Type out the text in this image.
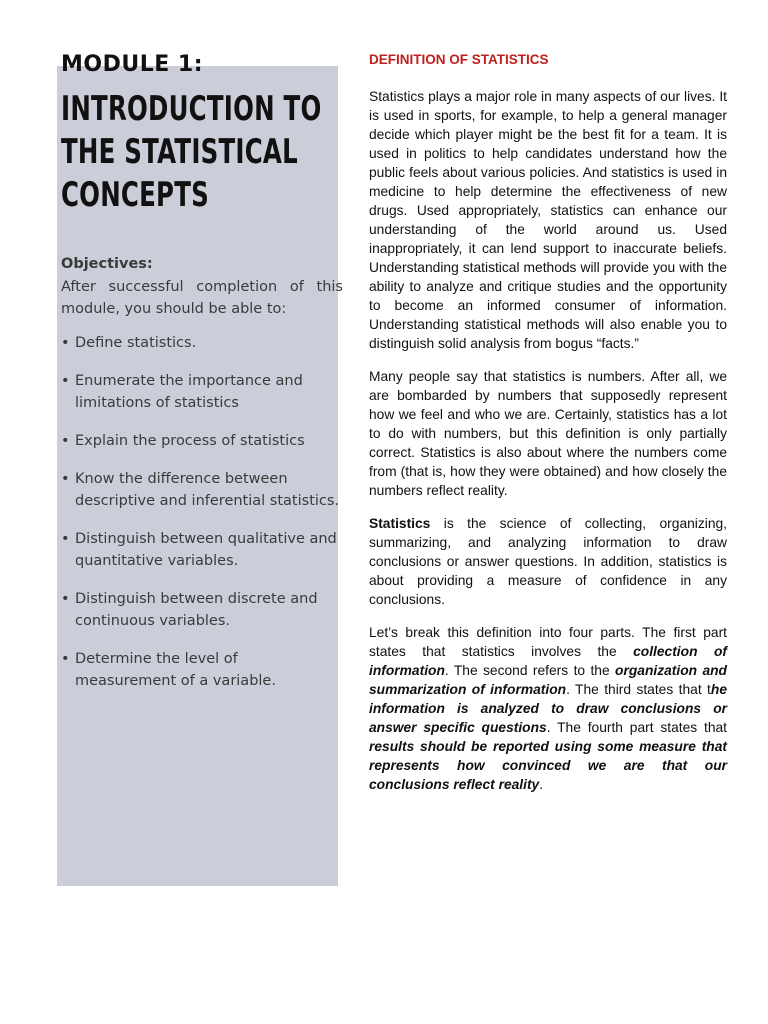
MODULE 1:
INTRODUCTION TO THE STATISTICAL CONCEPTS

Objectives:

After successful completion of this module, you should be able to:

• Define statistics.
• Enumerate the importance and limitations of statistics
• Explain the process of statistics
• Know the difference between descriptive and inferential statistics.
• Distinguish between qualitative and quantitative variables.
• Distinguish between discrete and continuous variables.
• Determine the level of measurement of a variable.

DEFINITION OF STATISTICS

Statistics plays a major role in many aspects of our lives. It is used in sports, for example, to help a general manager decide which player might be the best fit for a team. It is used in politics to help candidates understand how the public feels about various policies. And statistics is used in medicine to help determine the effectiveness of new drugs. Used appropriately, statistics can enhance our understanding of the world around us. Used inappropriately, it can lend support to inaccurate beliefs. Understanding statistical methods will provide you with the ability to analyze and critique studies and the opportunity to become an informed consumer of information. Understanding statistical methods will also enable you to distinguish solid analysis from bogus “facts.”

Many people say that statistics is numbers. After all, we are bombarded by numbers that supposedly represent how we feel and who we are. Certainly, statistics has a lot to do with numbers, but this definition is only partially correct. Statistics is also about where the numbers come from (that is, how they were obtained) and how closely the numbers reflect reality.

Statistics is the science of collecting, organizing, summarizing, and analyzing information to draw conclusions or answer questions. In addition, statistics is about providing a measure of confidence in any conclusions.

Let’s break this definition into four parts. The first part states that statistics involves the collection of information. The second refers to the organization and summarization of information. The third states that the information is analyzed to draw conclusions or answer specific questions. The fourth part states that results should be reported using some measure that represents how convinced we are that our conclusions reflect reality.
